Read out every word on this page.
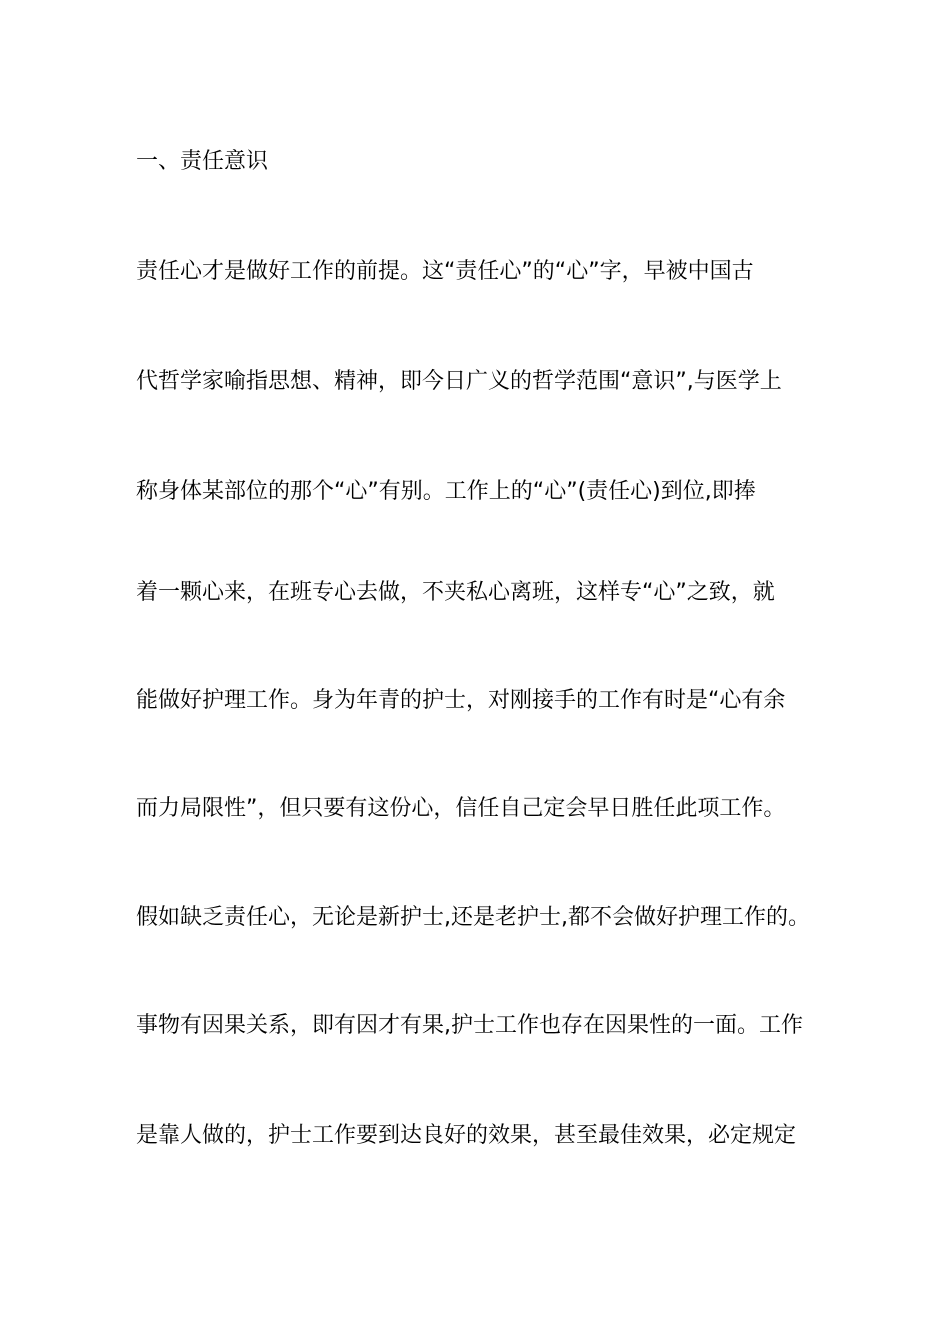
一、责任意识

责任心才是做好工作的前提。这“责任心”的“心”字，早被中国古

代哲学家喻指思想、精神，即今日广义的哲学范围“意识”,与医学上

称身体某部位的那个“心”有别。工作上的“心”(责任心)到位,即捧

着一颗心来，在班专心去做，不夹私心离班，这样专“心”之致，就

能做好护理工作。身为年青的护士，对刚接手的工作有时是“心有余

而力局限性”，但只要有这份心，信任自己定会早日胜任此项工作。

假如缺乏责任心，无论是新护士,还是老护士,都不会做好护理工作的。

事物有因果关系，即有因才有果,护士工作也存在因果性的一面。工作

是靠人做的，护士工作要到达良好的效果，甚至最佳效果，必定规定
